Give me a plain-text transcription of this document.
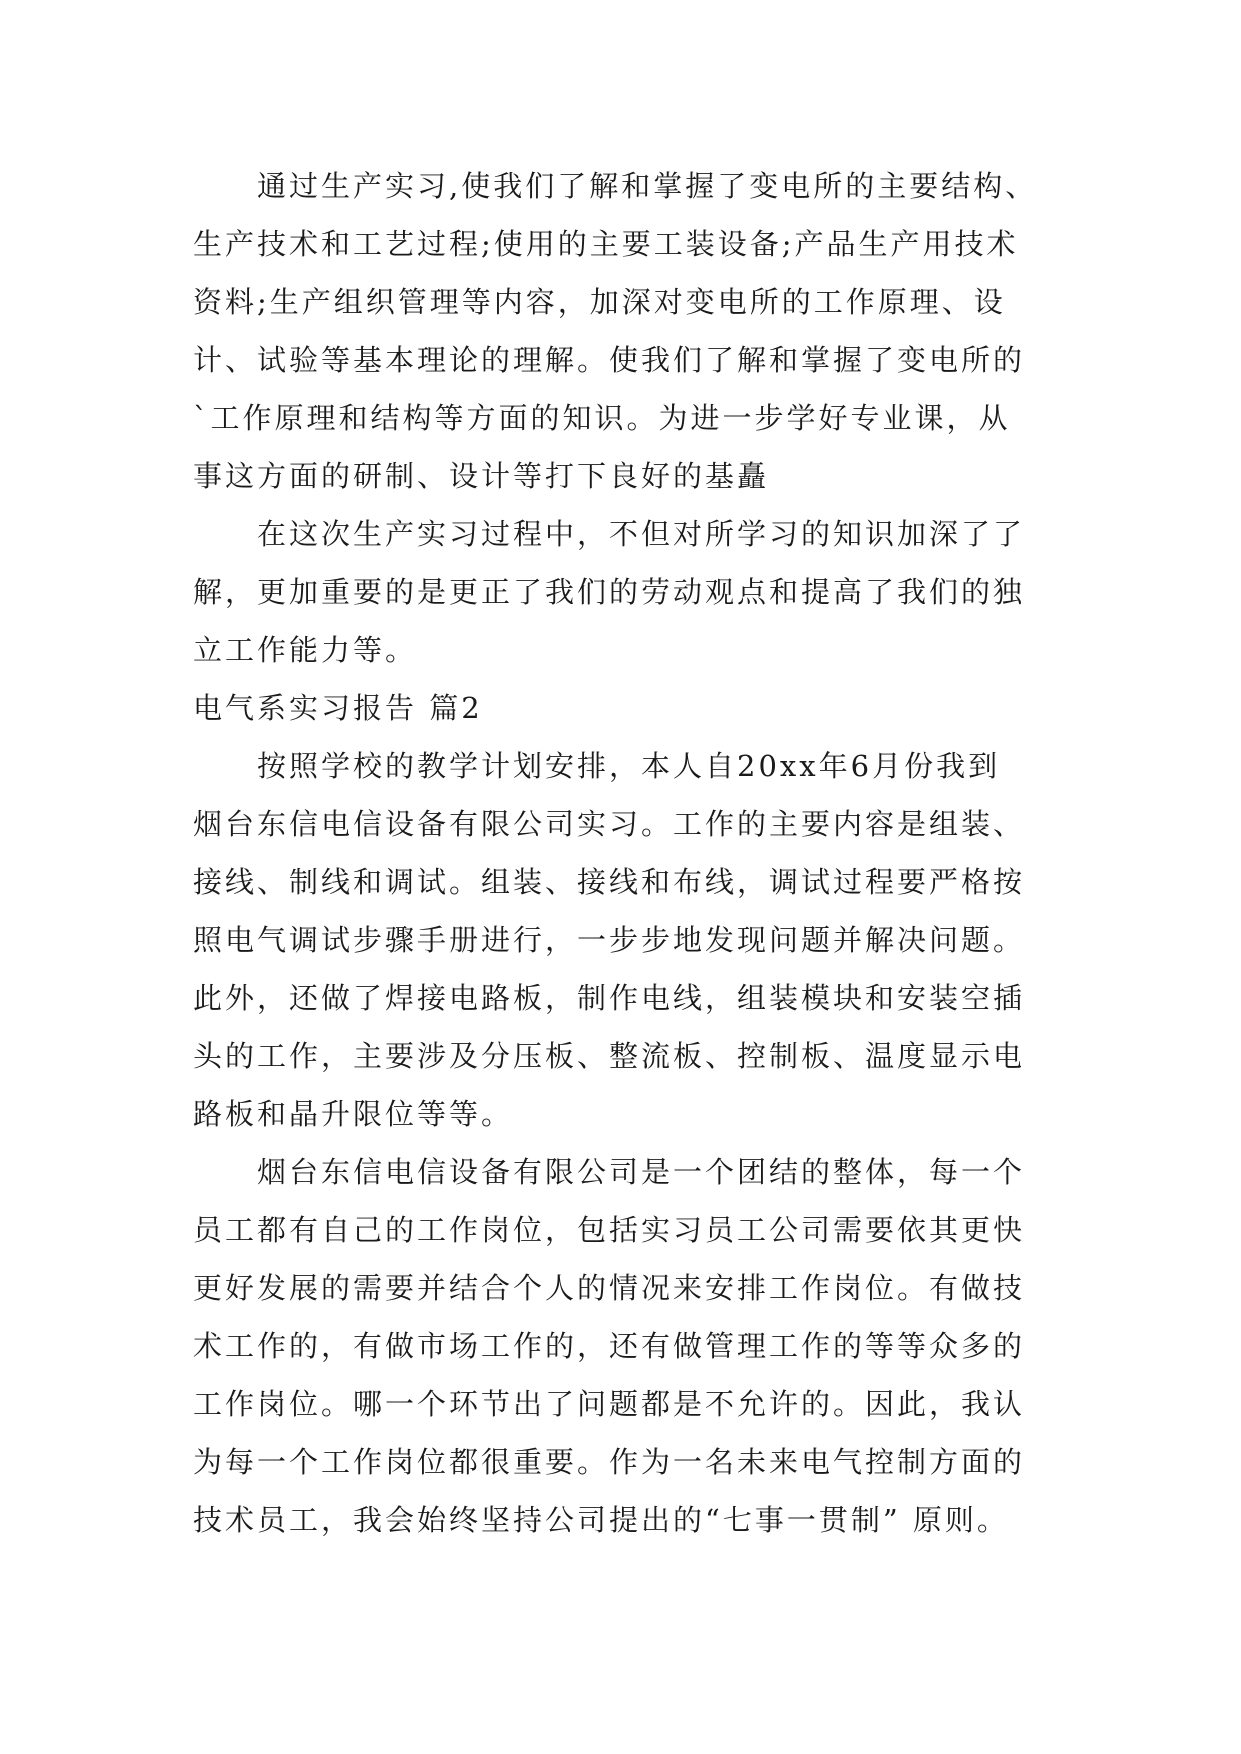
通过生产实习,使我们了解和掌握了变电所的主要结构、
生产技术和工艺过程;使用的主要工装设备;产品生产用技术
资料;生产组织管理等内容，加深对变电所的工作原理、设
计、试验等基本理论的理解。使我们了解和掌握了变电所的
`工作原理和结构等方面的知识。为进一步学好专业课，从
事这方面的研制、设计等打下良好的基矗
在这次生产实习过程中，不但对所学习的知识加深了了
解，更加重要的是更正了我们的劳动观点和提高了我们的独
立工作能力等。
电气系实习报告 篇2
按照学校的教学计划安排，本人自20xx年6月份我到
烟台东信电信设备有限公司实习。工作的主要内容是组装、
接线、制线和调试。组装、接线和布线，调试过程要严格按
照电气调试步骤手册进行，一步步地发现问题并解决问题。
此外，还做了焊接电路板，制作电线，组装模块和安装空插
头的工作，主要涉及分压板、整流板、控制板、温度显示电
路板和晶升限位等等。
烟台东信电信设备有限公司是一个团结的整体，每一个
员工都有自己的工作岗位，包括实习员工公司需要依其更快
更好发展的需要并结合个人的情况来安排工作岗位。有做技
术工作的，有做市场工作的，还有做管理工作的等等众多的
工作岗位。哪一个环节出了问题都是不允许的。因此，我认
为每一个工作岗位都很重要。作为一名未来电气控制方面的
技术员工，我会始终坚持公司提出的“七事一贯制” 原则。
